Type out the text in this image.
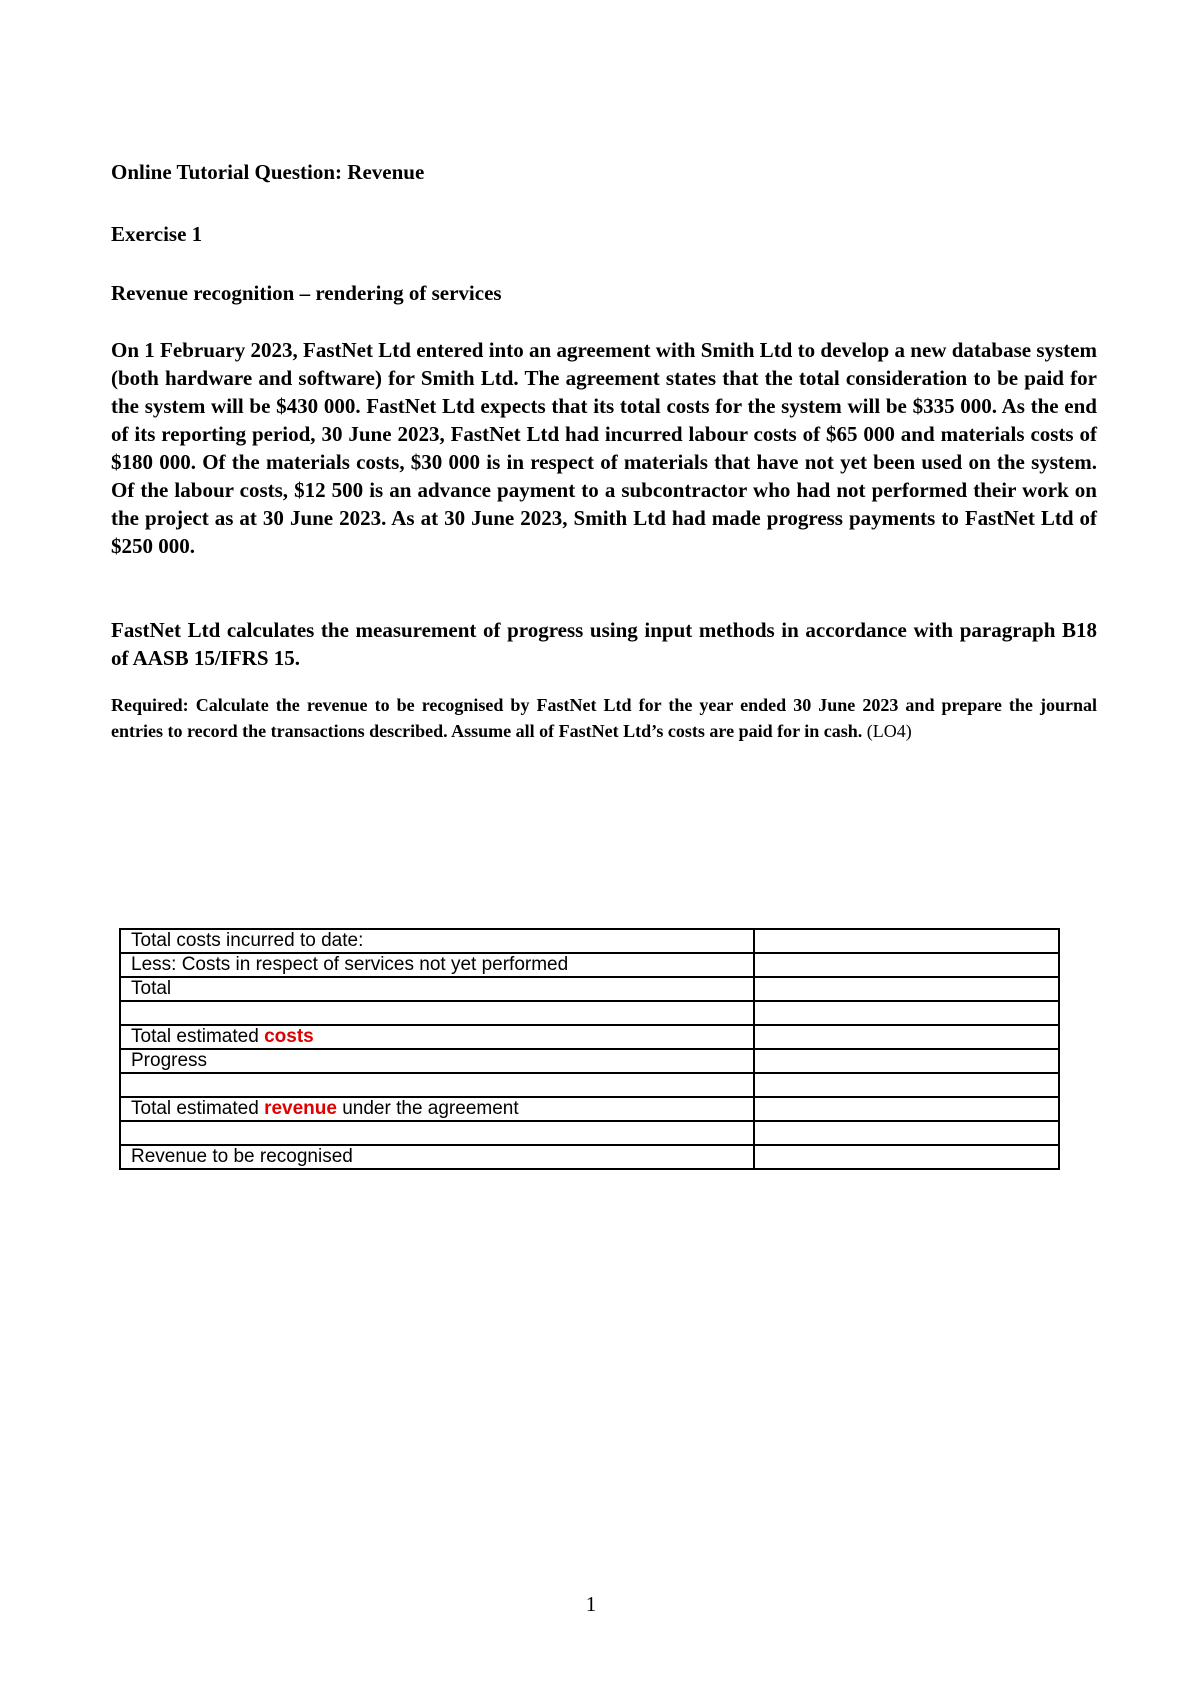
Online Tutorial Question: Revenue

Exercise 1

Revenue recognition – rendering of services

On 1 February 2023, FastNet Ltd entered into an agreement with Smith Ltd to develop a new database system (both hardware and software) for Smith Ltd. The agreement states that the total consideration to be paid for the system will be $430 000. FastNet Ltd expects that its total costs for the system will be $335 000. As the end of its reporting period, 30 June 2023, FastNet Ltd had incurred labour costs of $65 000 and materials costs of $180 000. Of the materials costs, $30 000 is in respect of materials that have not yet been used on the system. Of the labour costs, $12 500 is an advance payment to a subcontractor who had not performed their work on the project as at 30 June 2023. As at 30 June 2023, Smith Ltd had made progress payments to FastNet Ltd of $250 000.

FastNet Ltd calculates the measurement of progress using input methods in accordance with paragraph B18 of AASB 15/IFRS 15.

Required: Calculate the revenue to be recognised by FastNet Ltd for the year ended 30 June 2023 and prepare the journal entries to record the transactions described. Assume all of FastNet Ltd’s costs are paid for in cash. (LO4)

Total costs incurred to date:	
Less: Costs in respect of services not yet performed	
Total	

Total estimated costs	
Progress	

Total estimated revenue under the agreement	

Revenue to be recognised	
1
